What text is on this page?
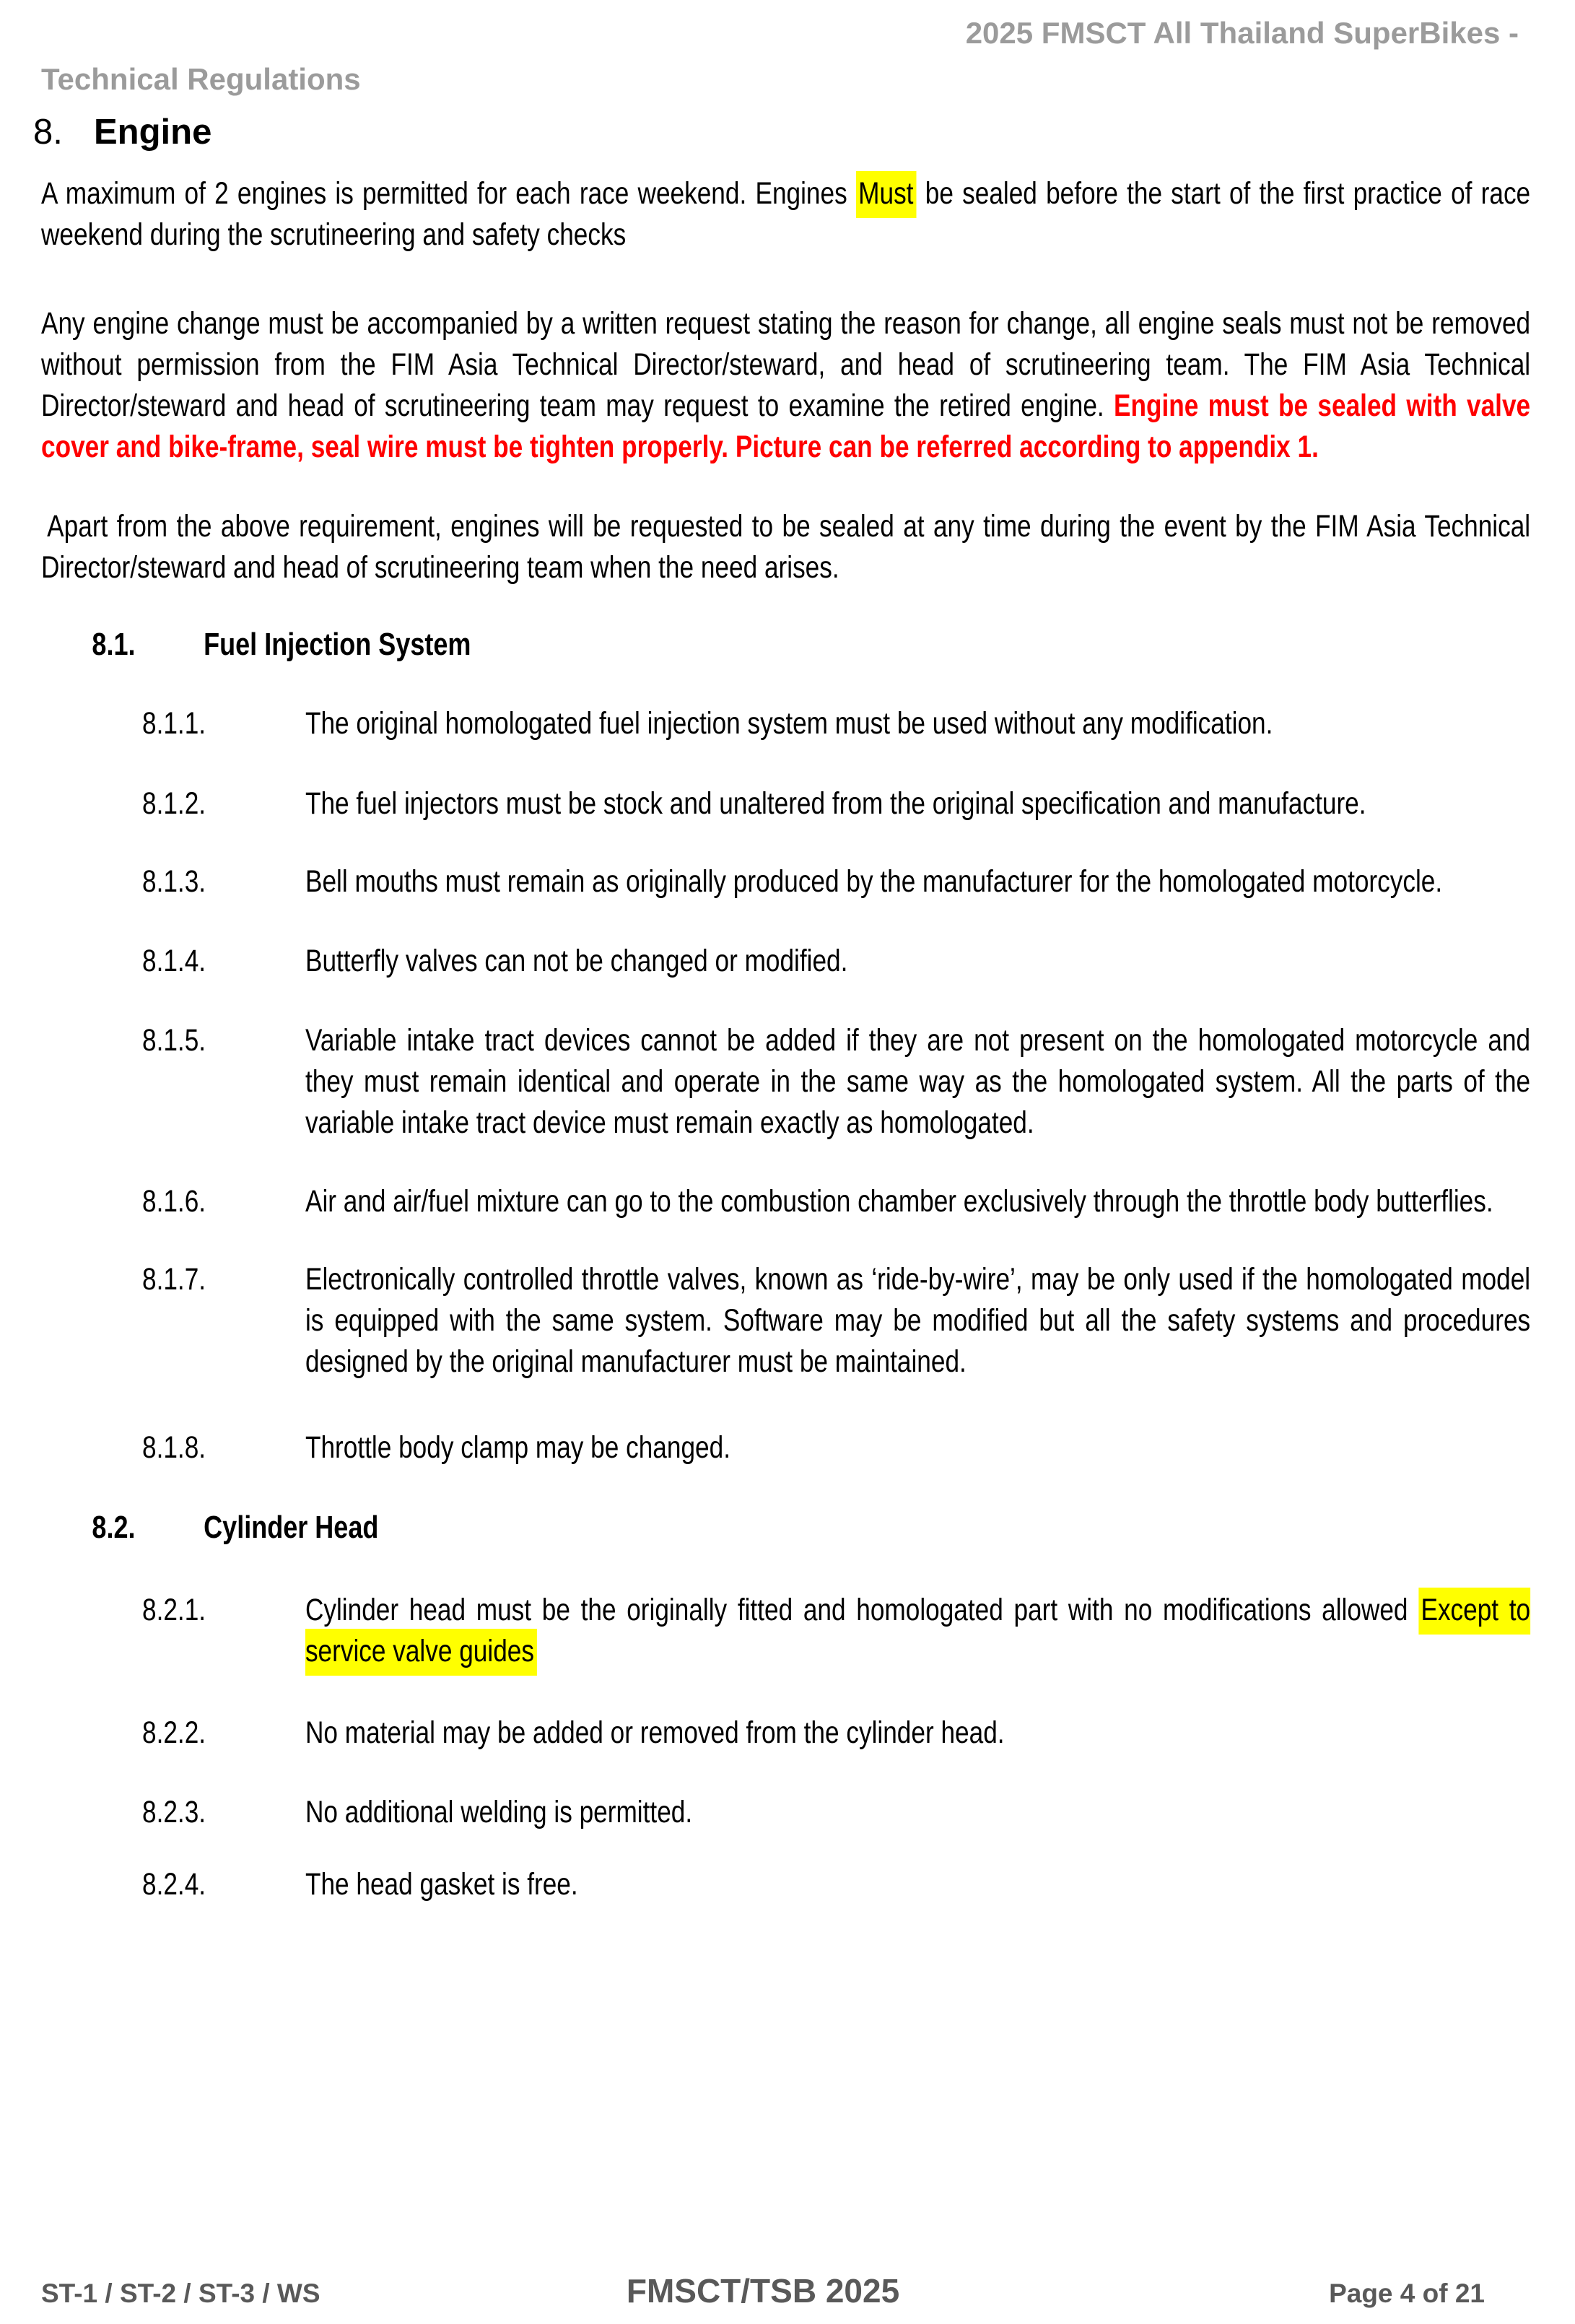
2025 FMSCT All Thailand SuperBikes -
Technical Regulations
8. Engine

A maximum of 2 engines is permitted for each race weekend. Engines Must be sealed before the start of the first practice of race weekend during the scrutineering and safety checks

Any engine change must be accompanied by a written request stating the reason for change, all engine seals must not be removed without permission from the FIM Asia Technical Director/steward, and head of scrutineering team. The FIM Asia Technical Director/steward and head of scrutineering team may request to examine the retired engine. Engine must be sealed with valve cover and bike-frame, seal wire must be tighten properly. Picture can be referred according to appendix 1.

Apart from the above requirement, engines will be requested to be sealed at any time during the event by the FIM Asia Technical Director/steward and head of scrutineering team when the need arises.

8.1. Fuel Injection System
8.1.1.	The original homologated fuel injection system must be used without any modification.
8.1.2.	The fuel injectors must be stock and unaltered from the original specification and manufacture.
8.1.3.	Bell mouths must remain as originally produced by the manufacturer for the homologated motorcycle.
8.1.4.	Butterfly valves can not be changed or modified.
8.1.5.	Variable intake tract devices cannot be added if they are not present on the homologated motorcycle and they must remain identical and operate in the same way as the homologated system. All the parts of the variable intake tract device must remain exactly as homologated.
8.1.6.	Air and air/fuel mixture can go to the combustion chamber exclusively through the throttle body butterflies.
8.1.7.	Electronically controlled throttle valves, known as ‘ride-by-wire’, may be only used if the homologated model is equipped with the same system. Software may be modified but all the safety systems and procedures designed by the original manufacturer must be maintained.
8.1.8.	Throttle body clamp may be changed.
8.2. Cylinder Head
8.2.1.	Cylinder head must be the originally fitted and homologated part with no modifications allowed Except to service valve guides
8.2.2.	No material may be added or removed from the cylinder head.
8.2.3.	No additional welding is permitted.
8.2.4.	The head gasket is free.
ST-1 / ST-2 / ST-3 / WS	FMSCT/TSB 2025	Page 4 of 21
